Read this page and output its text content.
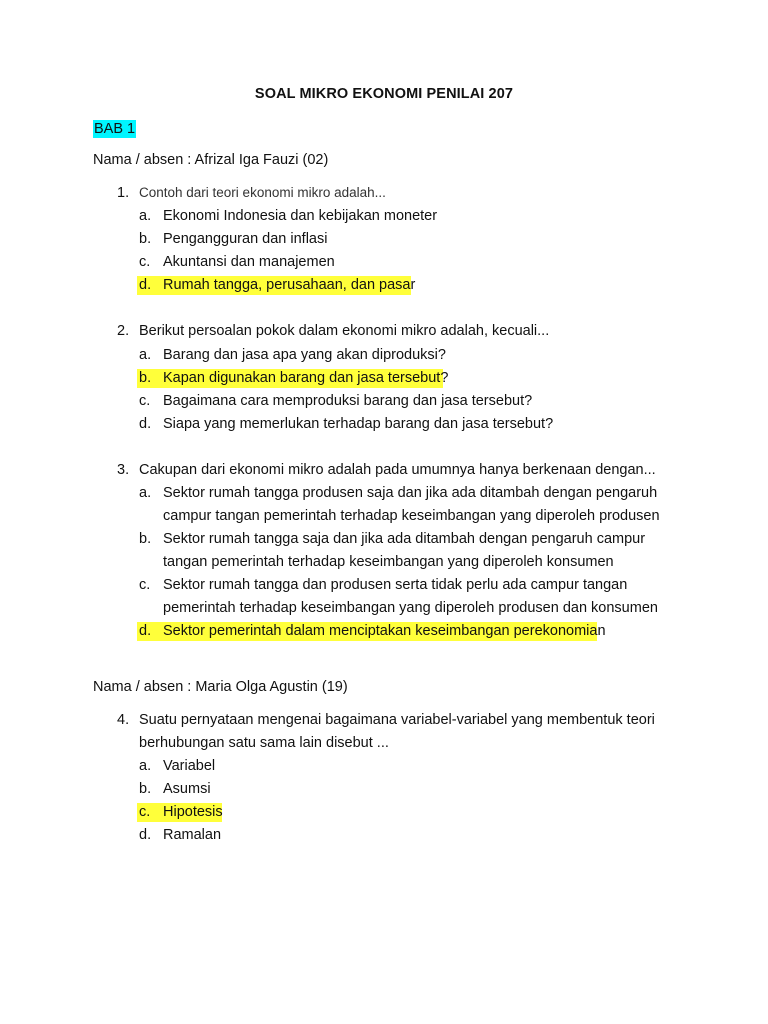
SOAL MIKRO EKONOMI PENILAI 207
BAB 1
Nama / absen : Afrizal Iga Fauzi (02)
1. Contoh dari teori ekonomi mikro adalah...
a. Ekonomi Indonesia dan kebijakan moneter
b. Pengangguran dan inflasi
c. Akuntansi dan manajemen
d. Rumah tangga, perusahaan, dan pasar
2. Berikut persoalan pokok dalam ekonomi mikro adalah, kecuali...
a. Barang dan jasa apa yang akan diproduksi?
b. Kapan digunakan barang dan jasa tersebut?
c. Bagaimana cara memproduksi barang dan jasa tersebut?
d. Siapa yang memerlukan terhadap barang dan jasa tersebut?
3. Cakupan dari ekonomi mikro adalah pada umumnya hanya berkenaan dengan...
a. Sektor rumah tangga produsen saja dan jika ada ditambah dengan pengaruh
campur tangan pemerintah terhadap keseimbangan yang diperoleh produsen
b. Sektor rumah tangga saja dan jika ada ditambah dengan pengaruh campur
tangan pemerintah terhadap keseimbangan yang diperoleh konsumen
c. Sektor rumah tangga dan produsen serta tidak perlu ada campur tangan
pemerintah terhadap keseimbangan yang diperoleh produsen dan konsumen
d. Sektor pemerintah dalam menciptakan keseimbangan perekonomian
Nama / absen : Maria Olga Agustin (19)
4. Suatu pernyataan mengenai bagaimana variabel-variabel yang membentuk teori
berhubungan satu sama lain disebut ...
a. Variabel
b. Asumsi
c. Hipotesis
d. Ramalan
